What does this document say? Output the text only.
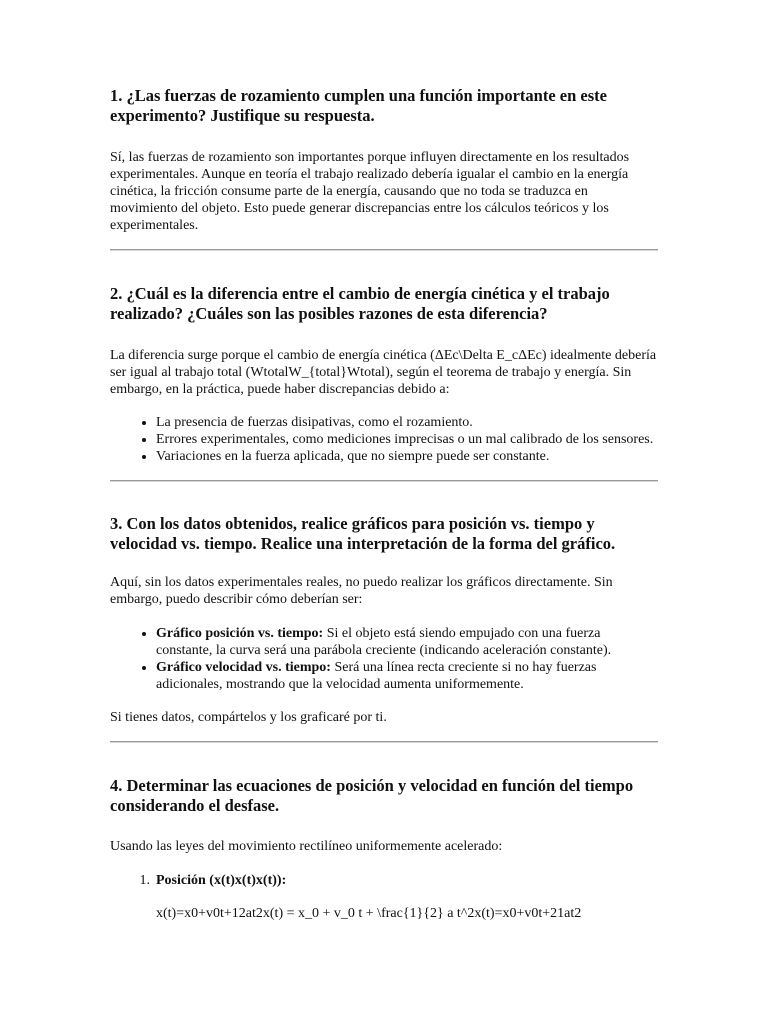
1. ¿Las fuerzas de rozamiento cumplen una función importante en este experimento? Justifique su respuesta.

Sí, las fuerzas de rozamiento son importantes porque influyen directamente en los resultados experimentales. Aunque en teoría el trabajo realizado debería igualar el cambio en la energía cinética, la fricción consume parte de la energía, causando que no toda se traduzca en movimiento del objeto. Esto puede generar discrepancias entre los cálculos teóricos y los experimentales.

2. ¿Cuál es la diferencia entre el cambio de energía cinética y el trabajo realizado? ¿Cuáles son las posibles razones de esta diferencia?

La diferencia surge porque el cambio de energía cinética (ΔEc\Delta E_cΔEc) idealmente debería ser igual al trabajo total (WtotalW_{total}Wtotal), según el teorema de trabajo y energía. Sin embargo, en la práctica, puede haber discrepancias debido a:

• La presencia de fuerzas disipativas, como el rozamiento.
• Errores experimentales, como mediciones imprecisas o un mal calibrado de los sensores.
• Variaciones en la fuerza aplicada, que no siempre puede ser constante.
3. Con los datos obtenidos, realice gráficos para posición vs. tiempo y velocidad vs. tiempo. Realice una interpretación de la forma del gráfico.

Aquí, sin los datos experimentales reales, no puedo realizar los gráficos directamente. Sin embargo, puedo describir cómo deberían ser:

• Gráfico posición vs. tiempo: Si el objeto está siendo empujado con una fuerza constante, la curva será una parábola creciente (indicando aceleración constante).
• Gráfico velocidad vs. tiempo: Será una línea recta creciente si no hay fuerzas adicionales, mostrando que la velocidad aumenta uniformemente.

Si tienes datos, compártelos y los graficaré por ti.

4. Determinar las ecuaciones de posición y velocidad en función del tiempo considerando el desfase.

Usando las leyes del movimiento rectilíneo uniformemente acelerado:

1. Posición (x(t)x(t)x(t)):

x(t)=x0+v0t+12at2x(t) = x_0 + v_0 t + \frac{1}{2} a t^2x(t)=x0+v0t+21at2
